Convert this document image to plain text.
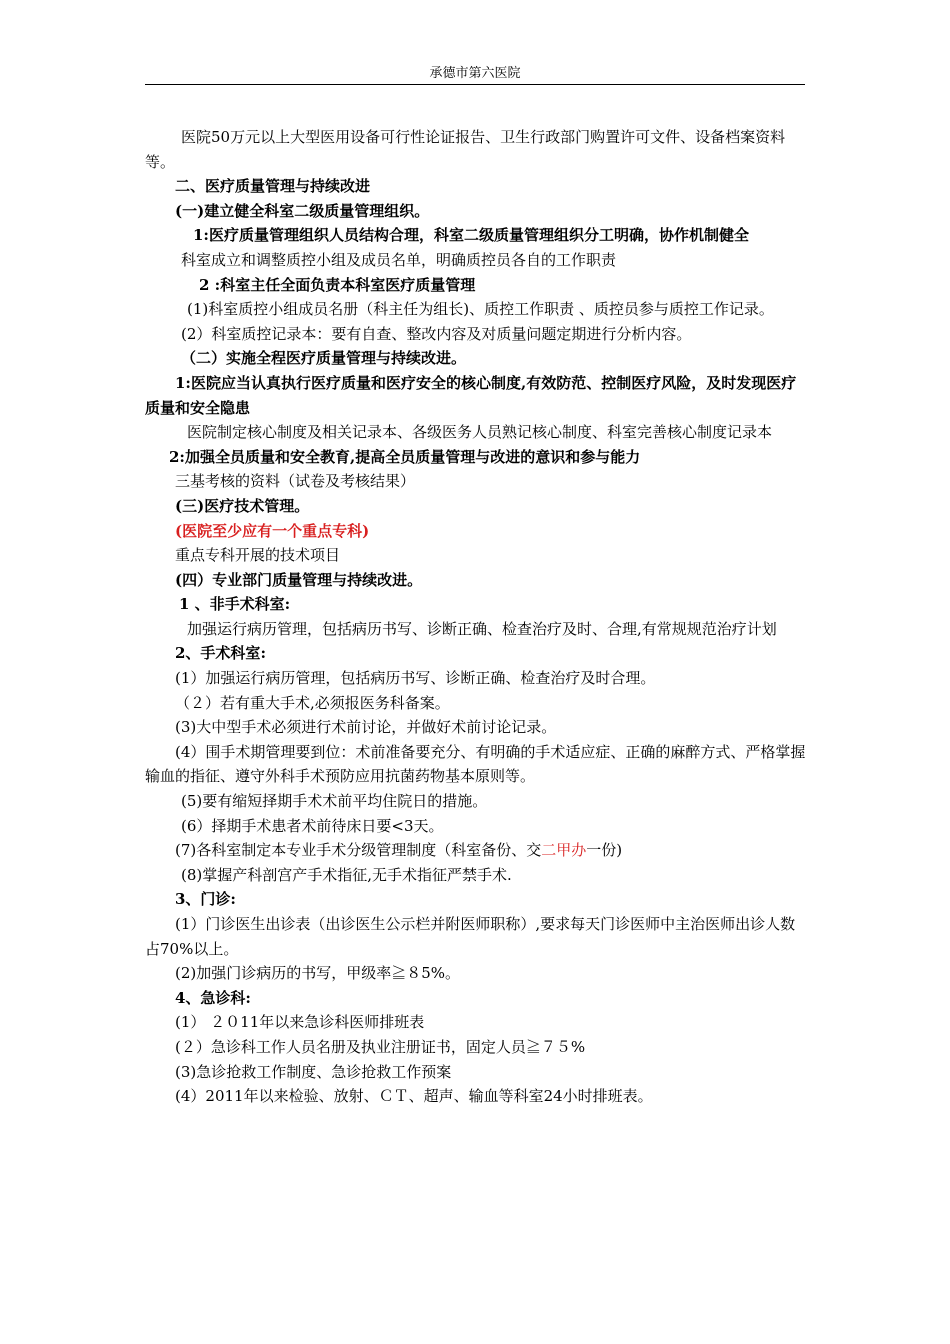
承德市第六医院

医院50万元以上大型医用设备可行性论证报告、卫生行政部门购置许可文件、设备档案资料等。

二、医疗质量管理与持续改进

(一)建立健全科室二级质量管理组织。

1:医疗质量管理组织人员结构合理，科室二级质量管理组织分工明确，协作机制健全

科室成立和调整质控小组及成员名单，明确质控员各自的工作职责

2 :科室主任全面负责本科室医疗质量管理

(1)科室质控小组成员名册（科主任为组长)、质控工作职责 、质控员参与质控工作记录。

(2）科室质控记录本：要有自查、整改内容及对质量问题定期进行分析内容。

（二）实施全程医疗质量管理与持续改进。

1:医院应当认真执行医疗质量和医疗安全的核心制度,有效防范、控制医疗风险，及时发现医疗质量和安全隐患

医院制定核心制度及相关记录本、各级医务人员熟记核心制度、科室完善核心制度记录本

2:加强全员质量和安全教育,提高全员质量管理与改进的意识和参与能力

三基考核的资料（试卷及考核结果）

(三)医疗技术管理。

(医院至少应有一个重点专科)

重点专科开展的技术项目

(四）专业部门质量管理与持续改进。

1 、非手术科室:

加强运行病历管理，包括病历书写、诊断正确、检查治疗及时、合理,有常规规范治疗计划

2、手术科室:

(1）加强运行病历管理，包括病历书写、诊断正确、检查治疗及时合理。

（２）若有重大手术,必须报医务科备案。

(3)大中型手术必须进行术前讨论，并做好术前讨论记录。

(4）围手术期管理要到位：术前准备要充分、有明确的手术适应症、正确的麻醉方式、严格掌握输血的指征、遵守外科手术预防应用抗菌药物基本原则等。

(5)要有缩短择期手术术前平均住院日的措施。

(6）择期手术患者术前待床日要<3天。

(7)各科室制定本专业手术分级管理制度（科室备份、交二甲办一份)

(8)掌握产科剖宫产手术指征,无手术指征严禁手术.

3、门诊:

(1）门诊医生出诊表（出诊医生公示栏并附医师职称）,要求每天门诊医师中主治医师出诊人数占70%以上。

(2)加强门诊病历的书写，甲级率≧８5%。

4、急诊科:

(1） ２０11年以来急诊科医师排班表

(２）急诊科工作人员名册及执业注册证书，固定人员≧７５%

(3)急诊抢救工作制度、急诊抢救工作预案

(4）2011年以来检验、放射、ＣＴ、超声、输血等科室24小时排班表。
